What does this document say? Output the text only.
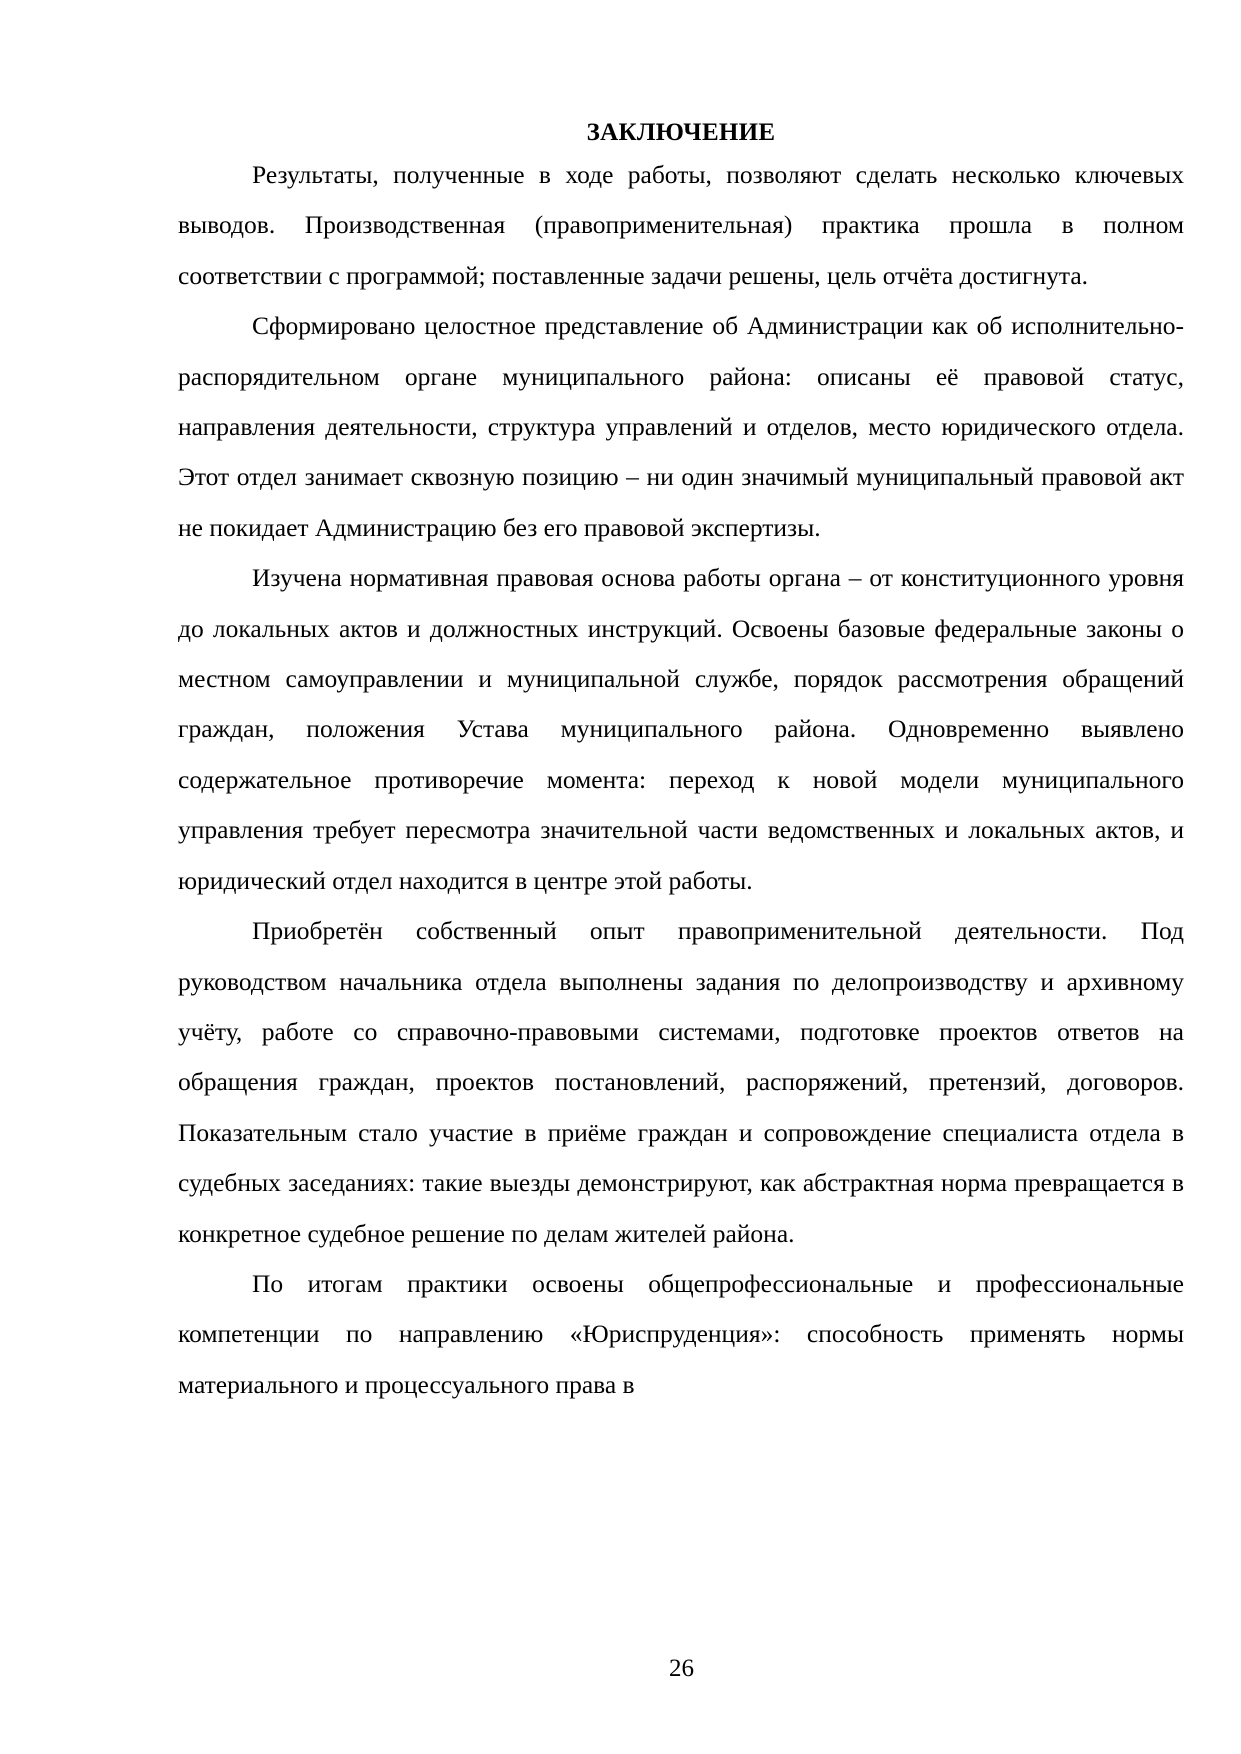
ЗАКЛЮЧЕНИЕ

Результаты, полученные в ходе работы, позволяют сделать несколько ключевых выводов. Производственная (правоприменительная) практика прошла в полном соответствии с программой; поставленные задачи решены, цель отчёта достигнута.

Сформировано целостное представление об Администрации как об исполнительно-распорядительном органе муниципального района: описаны её правовой статус, направления деятельности, структура управлений и отделов, место юридического отдела. Этот отдел занимает сквозную позицию – ни один значимый муниципальный правовой акт не покидает Администрацию без его правовой экспертизы.

Изучена нормативная правовая основа работы органа – от конституционного уровня до локальных актов и должностных инструкций. Освоены базовые федеральные законы о местном самоуправлении и муниципальной службе, порядок рассмотрения обращений граждан, положения Устава муниципального района. Одновременно выявлено содержательное противоречие момента: переход к новой модели муниципального управления требует пересмотра значительной части ведомственных и локальных актов, и юридический отдел находится в центре этой работы.

Приобретён собственный опыт правоприменительной деятельности. Под руководством начальника отдела выполнены задания по делопроизводству и архивному учёту, работе со справочно-правовыми системами, подготовке проектов ответов на обращения граждан, проектов постановлений, распоряжений, претензий, договоров. Показательным стало участие в приёме граждан и сопровождение специалиста отдела в судебных заседаниях: такие выезды демонстрируют, как абстрактная норма превращается в конкретное судебное решение по делам жителей района.

По итогам практики освоены общепрофессиональные и профессиональные компетенции по направлению «Юриспруденция»: способность применять нормы материального и процессуального права в

26
